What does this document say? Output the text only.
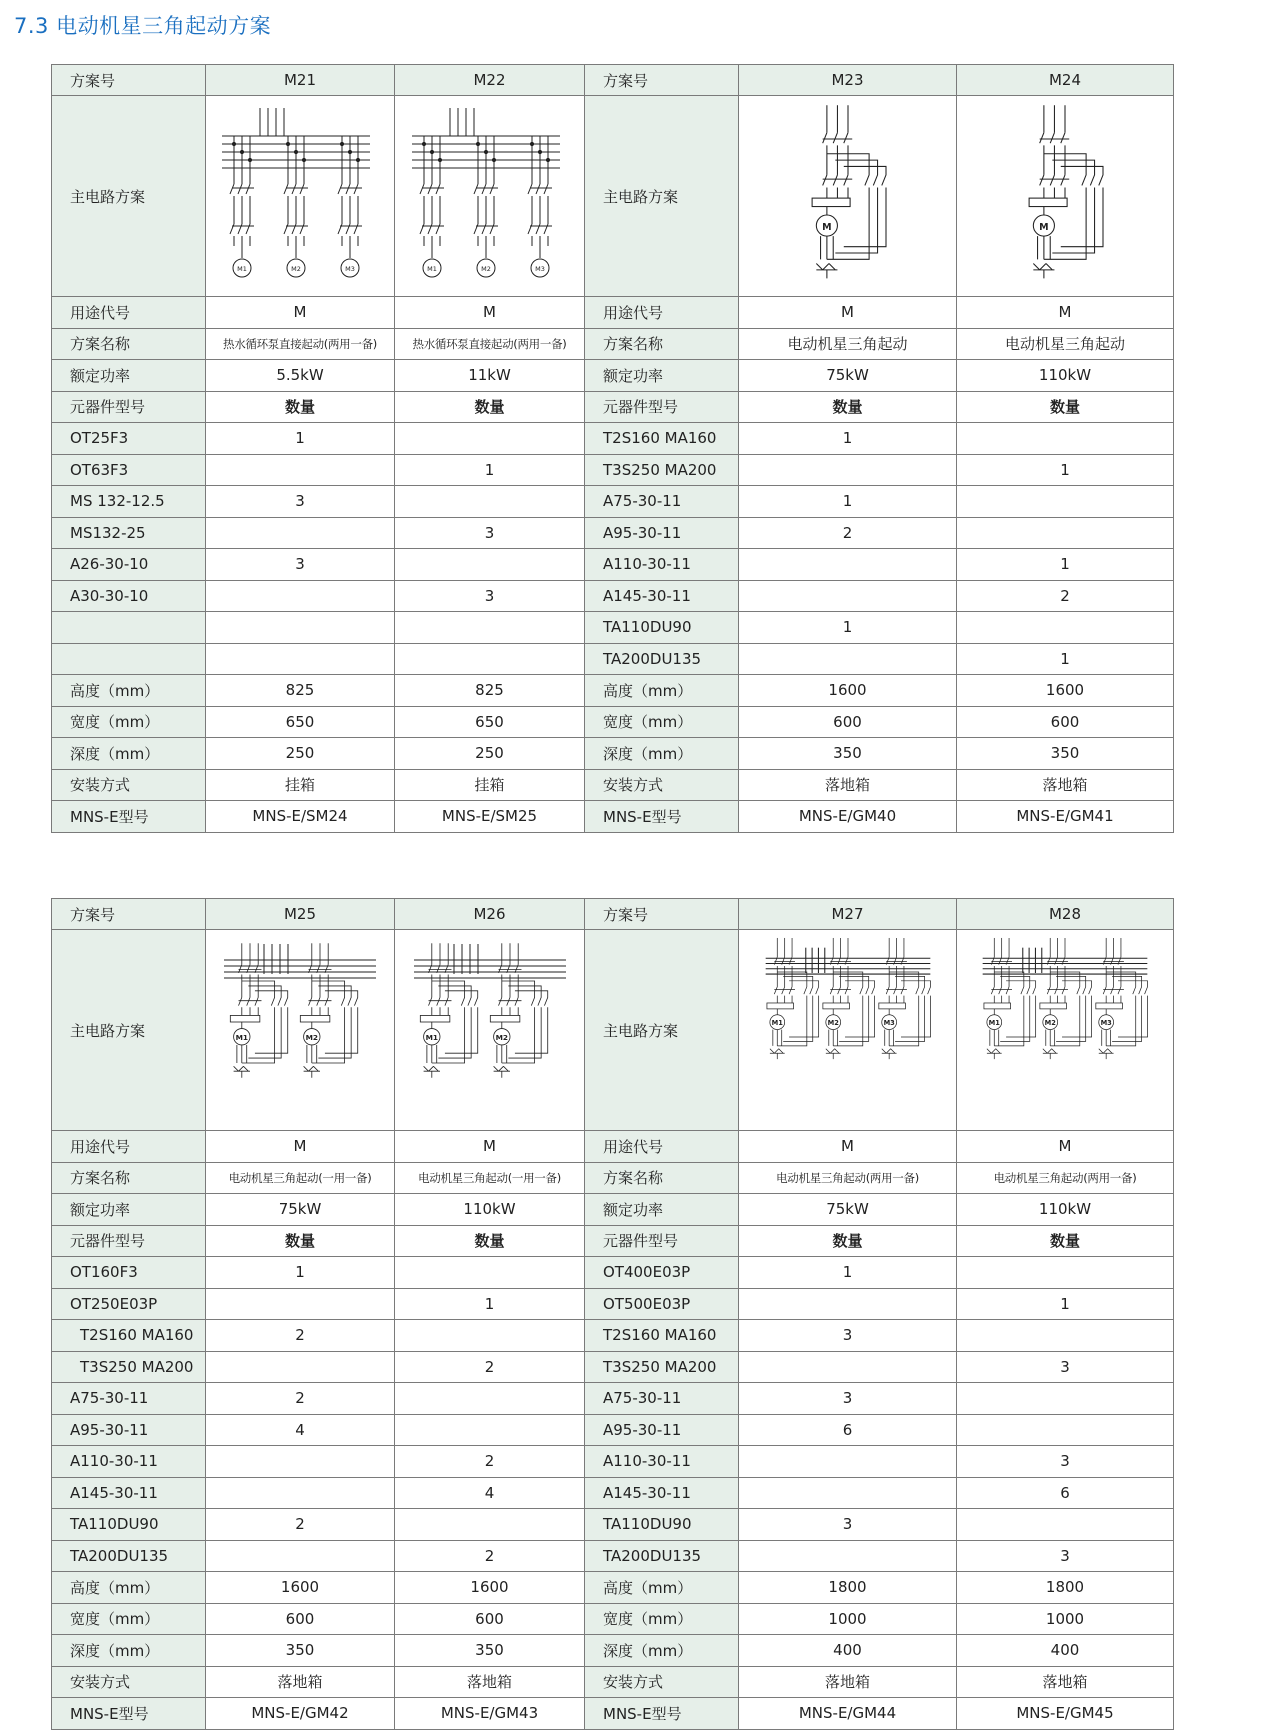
7.3 电动机星三角起动方案
方案号	M21	M22	方案号	M23	M24
主电路方案	M1 M2 M3	M1 M2 M3	主电路方案	M	M

用途代号	M	M	用途代号	M	M
方案名称	热水循环泵直接起动(两用一备)	热水循环泵直接起动(两用一备)	方案名称	电动机星三角起动	电动机星三角起动
额定功率	5.5kW	11kW	额定功率	75kW	110kW
元器件型号	数量	数量	元器件型号	数量	数量
OT25F3	1		T2S160 MA160	1	
OT63F3		1	T3S250 MA200		1
MS 132-12.5	3		A75-30-11	1	
MS132-25		3	A95-30-11	2	
A26-30-10	3		A110-30-11		1
A30-30-10		3	A145-30-11		2
			TA110DU90	1	
			TA200DU135		1
高度（mm）	825	825	高度（mm）	1600	1600
宽度（mm）	650	650	宽度（mm）	600	600
深度（mm）	250	250	深度（mm）	350	350
安装方式	挂箱	挂箱	安装方式	落地箱	落地箱
MNS-E型号	MNS-E/SM24	MNS-E/SM25	MNS-E型号	MNS-E/GM40	MNS-E/GM41
方案号	M25	M26	方案号	M27	M28
主电路方案	M1 M2	M1 M2	主电路方案	M1 M2 M3	M1 M2 M3

用途代号	M	M	用途代号	M	M
方案名称	电动机星三角起动(一用一备)	电动机星三角起动(一用一备)	方案名称	电动机星三角起动(两用一备)	电动机星三角起动(两用一备)
额定功率	75kW	110kW	额定功率	75kW	110kW
元器件型号	数量	数量	元器件型号	数量	数量
OT160F3	1		OT400E03P	1	
OT250E03P		1	OT500E03P		1
T2S160 MA160	2		T2S160 MA160	3	
T3S250 MA200		2	T3S250 MA200		3
A75-30-11	2		A75-30-11	3	
A95-30-11	4		A95-30-11	6	
A110-30-11		2	A110-30-11		3
A145-30-11		4	A145-30-11		6
TA110DU90	2		TA110DU90	3	
TA200DU135		2	TA200DU135		3
高度（mm）	1600	1600	高度（mm）	1800	1800
宽度（mm）	600	600	宽度（mm）	1000	1000
深度（mm）	350	350	深度（mm）	400	400
安装方式	落地箱	落地箱	安装方式	落地箱	落地箱
MNS-E型号	MNS-E/GM42	MNS-E/GM43	MNS-E型号	MNS-E/GM44	MNS-E/GM45
